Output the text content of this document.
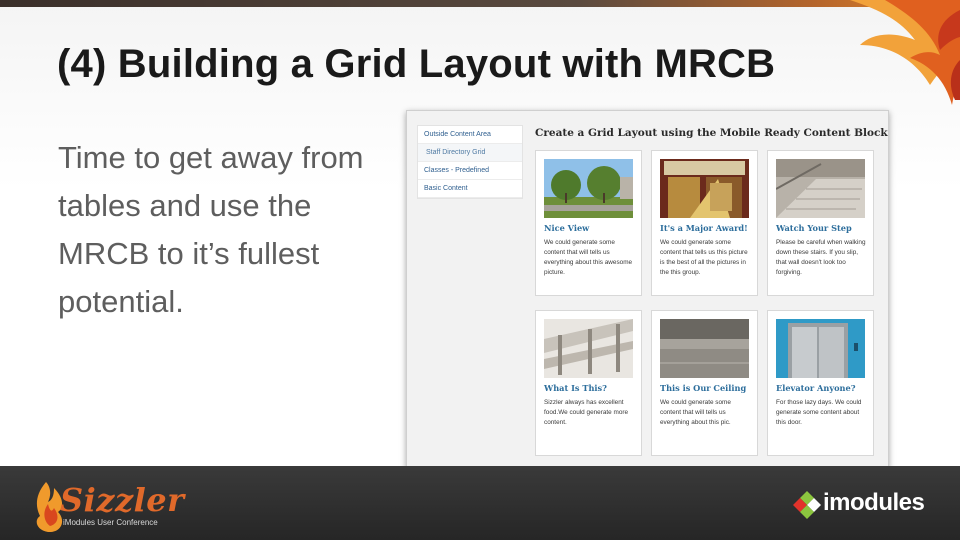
(4) Building a Grid Layout with MRCB
Time to get away from tables and use the MRCB to it’s fullest potential.
Outside Content Area
Staff Directory Grid
Classes - Predefined
Basic Content
Create a Grid Layout using the Mobile Ready Content Block
Nice View
We could generate some content that will tells us everything about this awesome picture.
It's a Major Award!
We could generate some content that tells us this picture is the best of all the pictures in the this group.
Watch Your Step
Please be careful when walking down these stairs. If you slip, that wall doesn't look too forgiving.
What Is This?
Sizzler always has excellent food.We could generate more content.
This is Our Ceiling
We could generate some content that will tells us everything about this pic.
Elevator Anyone?
For those lazy days. We could generate some content about this door.
Sizzler
iModules User Conference
imodules
